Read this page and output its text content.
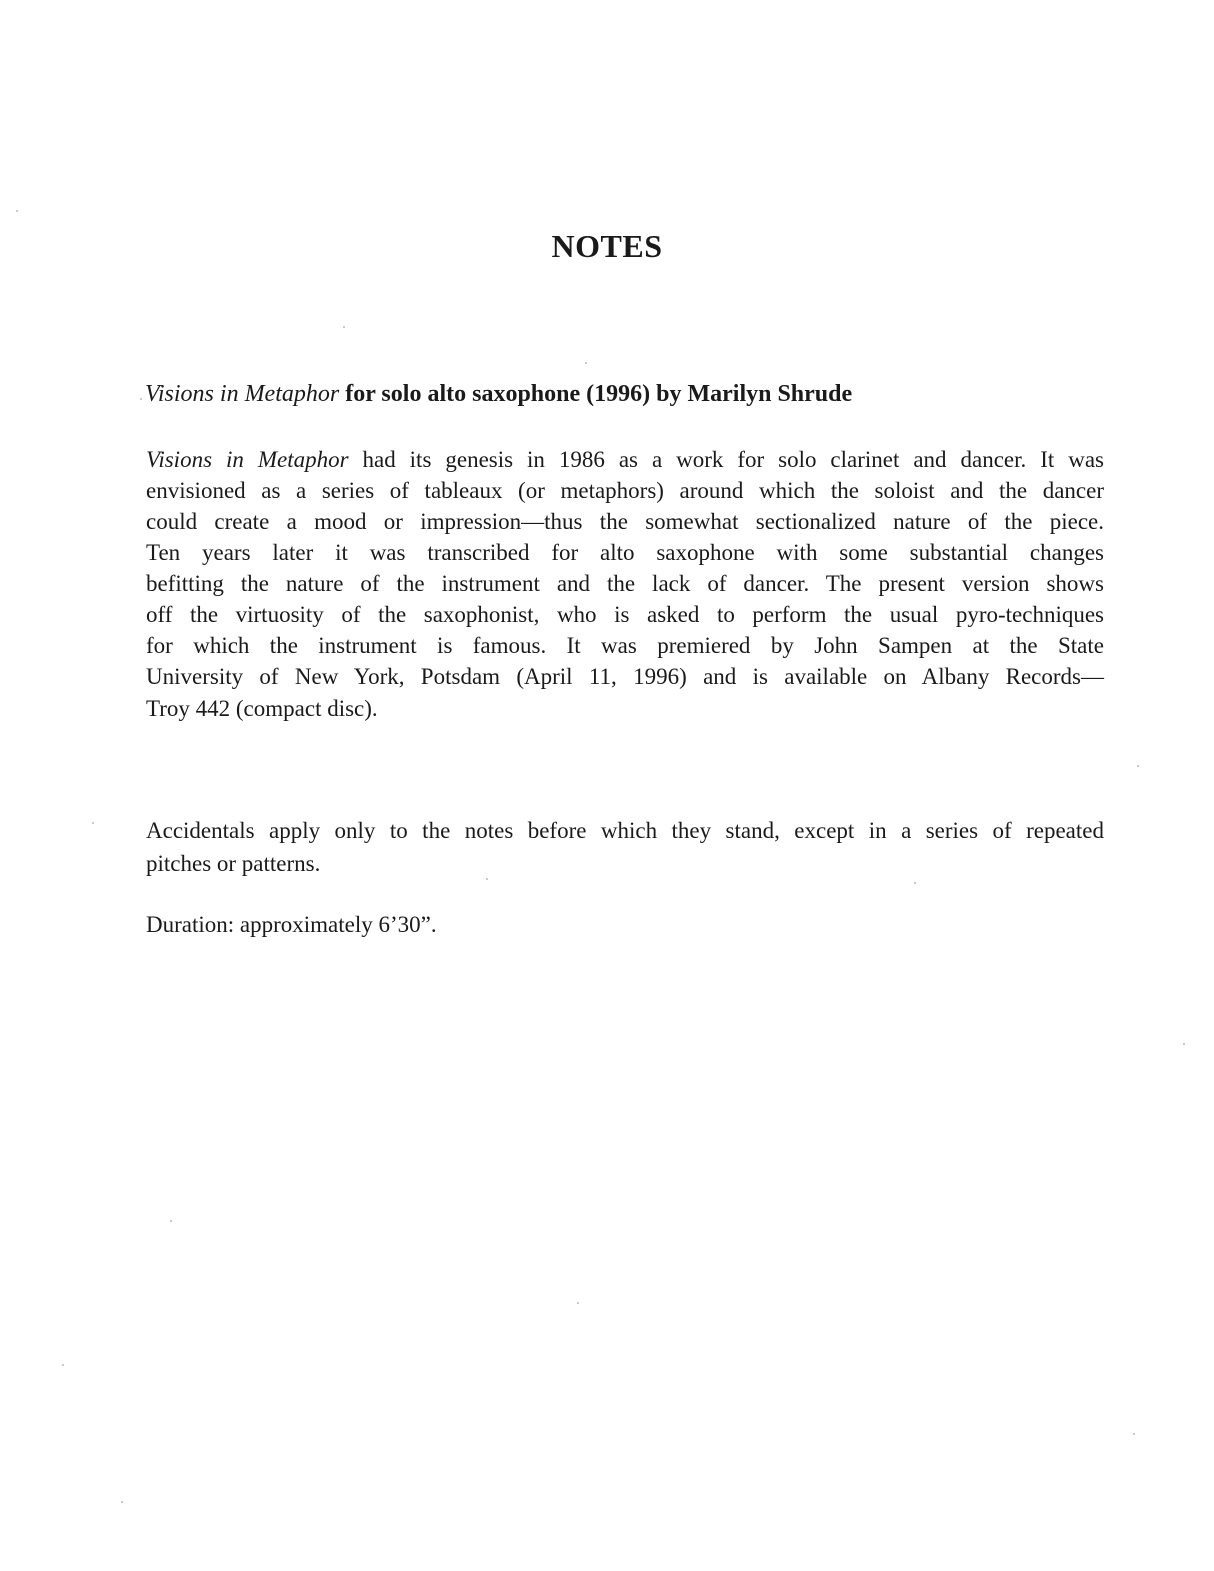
NOTES
Visions in Metaphor for solo alto saxophone (1996) by Marilyn Shrude
Visions in Metaphor had its genesis in 1986 as a work for solo clarinet and dancer. It was
envisioned as a series of tableaux (or metaphors) around which the soloist and the dancer
could create a mood or impression—thus the somewhat sectionalized nature of the piece.
Ten years later it was transcribed for alto saxophone with some substantial changes
befitting the nature of the instrument and the lack of dancer. The present version shows
off the virtuosity of the saxophonist, who is asked to perform the usual pyro-techniques
for which the instrument is famous. It was premiered by John Sampen at the State
University of New York, Potsdam (April 11, 1996) and is available on Albany Records—
Troy 442 (compact disc).
Accidentals apply only to the notes before which they stand, except in a series of repeated
pitches or patterns.
Duration: approximately 6’30”.
